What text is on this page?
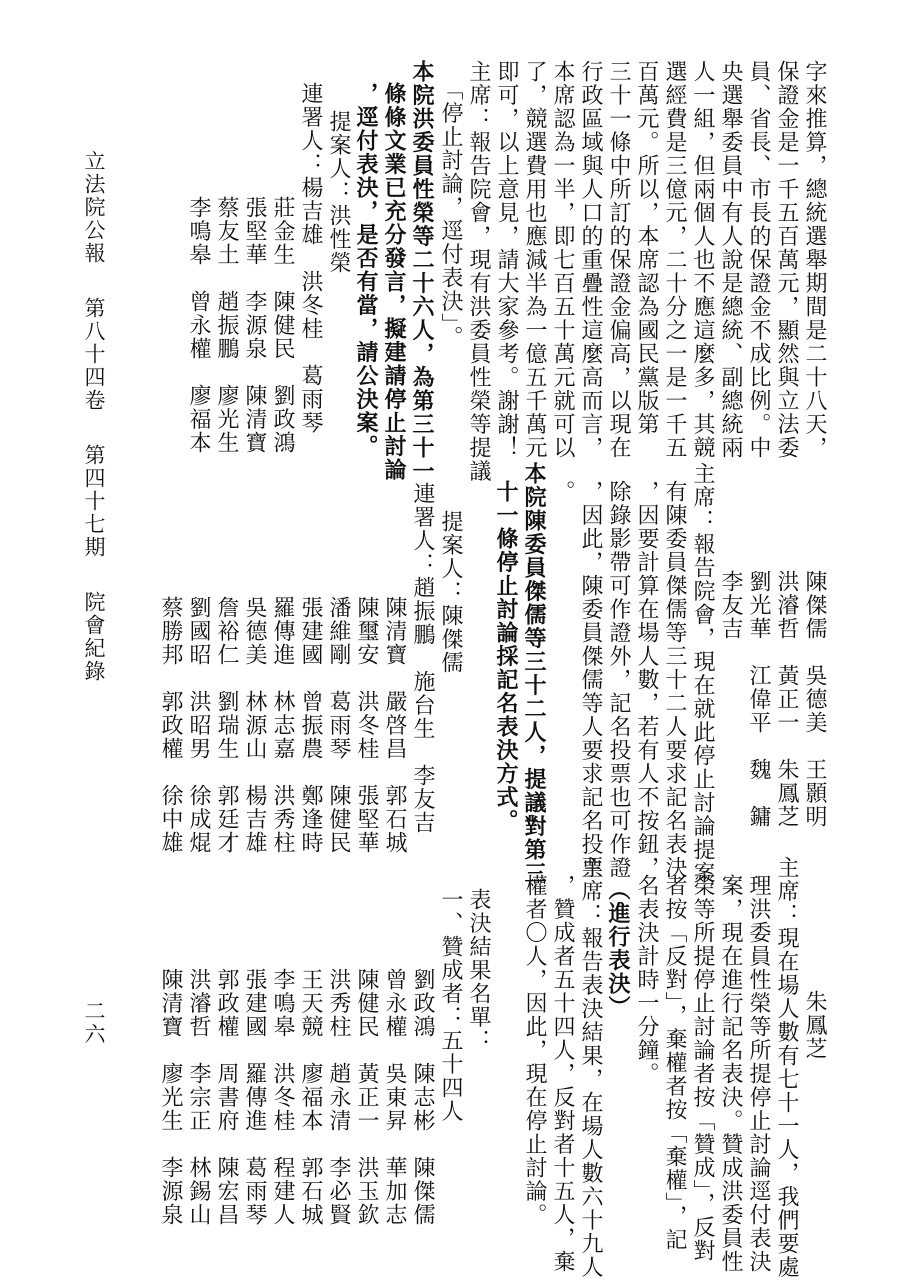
字來推算，總統選舉期間是二十八天，
保證金是一千五百萬元，顯然與立法委
員、省長、市長的保證金不成比例。中
央選舉委員中有人說是總統、副總統兩
人一組，但兩個人也不應這麼多，其競
選經費是三億元，二十分之一是一千五
百萬元。所以，本席認為國民黨版第
三十一條中所訂的保證金偏高，以現在
行政區域與人口的重疊性這麼高而言，
本席認為一半，即七百五十萬元就可以
了，競選費用也應減半為一億五千萬元
即可，以上意見，請大家參考。謝謝！
主席：報告院會，現有洪委員性榮等提議
「停止討論，逕付表決」。
本院洪委員性榮等二十六人，為第三十一
條條文業已充分發言，擬建請停止討論
，逕付表決，是否有當，請公決案。
提案人：洪性榮
連署人：楊吉雄　洪冬桂　葛雨琴
莊金生　陳健民　劉政鴻
張堅華　李源泉　陳清寶
蔡友土　趙振鵬　廖光生
李鳴皋　曾永權　廖福本
陳傑儒　吳德美　王顥明
洪濬哲　黃正一　朱鳳芝
劉光華　江偉平　魏　鏞
李友吉
主席：報告院會，現在就此停止討論提案
有陳委員傑儒等三十二人要求記名表決
，因要計算在場人數，若有人不按鈕，
除錄影帶可作證外，記名投票也可作證
，因此，陳委員傑儒等人要求記名投票
。
本院陳委員傑儒等三十二人，提議對第三
十一條停止討論採記名表決方式。
提案人：陳傑儒
連署人：趙振鵬　施台生　李友吉
陳清寶　嚴啓昌　郭石城
陳璽安　洪冬桂　張堅華
潘維剛　葛雨琴　陳健民
張建國　曾振農　鄭逢時
羅傳進　林志嘉　洪秀柱
吳德美　林源山　楊吉雄
詹裕仁　劉瑞生　郭廷才
劉國昭　洪昭男　徐成焜
蔡勝邦　郭政權　徐中雄
朱鳳芝
主席：現在場人數有七十一人，我們要處
理洪委員性榮等所提停止討論逕付表決
案，現在進行記名表決。贊成洪委員性
榮等所提停止討論者按「贊成」，反對
者按「反對」，棄權者按「棄權」，記
名表決計時一分鐘。
（進行表決）
主席：報告表決結果，在場人數六十九人
，贊成者五十四人，反對者十五人，棄
權者〇人，因此，現在停止討論。
表決結果名單：
一、贊成者：五十四人
劉政鴻　陳志彬　陳傑儒
曾永權　吳東昇　華加志
陳健民　黃正一　洪玉欽
洪秀柱　趙永清　李必賢
王天競　廖福本　郭石城
李鳴皋　洪冬桂　程建人
張建國　羅傳進　葛雨琴
郭政權　周書府　陳宏昌
洪濬哲　李宗正　林錫山
陳清寶　廖光生　李源泉
立法院公報第八十四卷第四十七期院會紀錄
二六
